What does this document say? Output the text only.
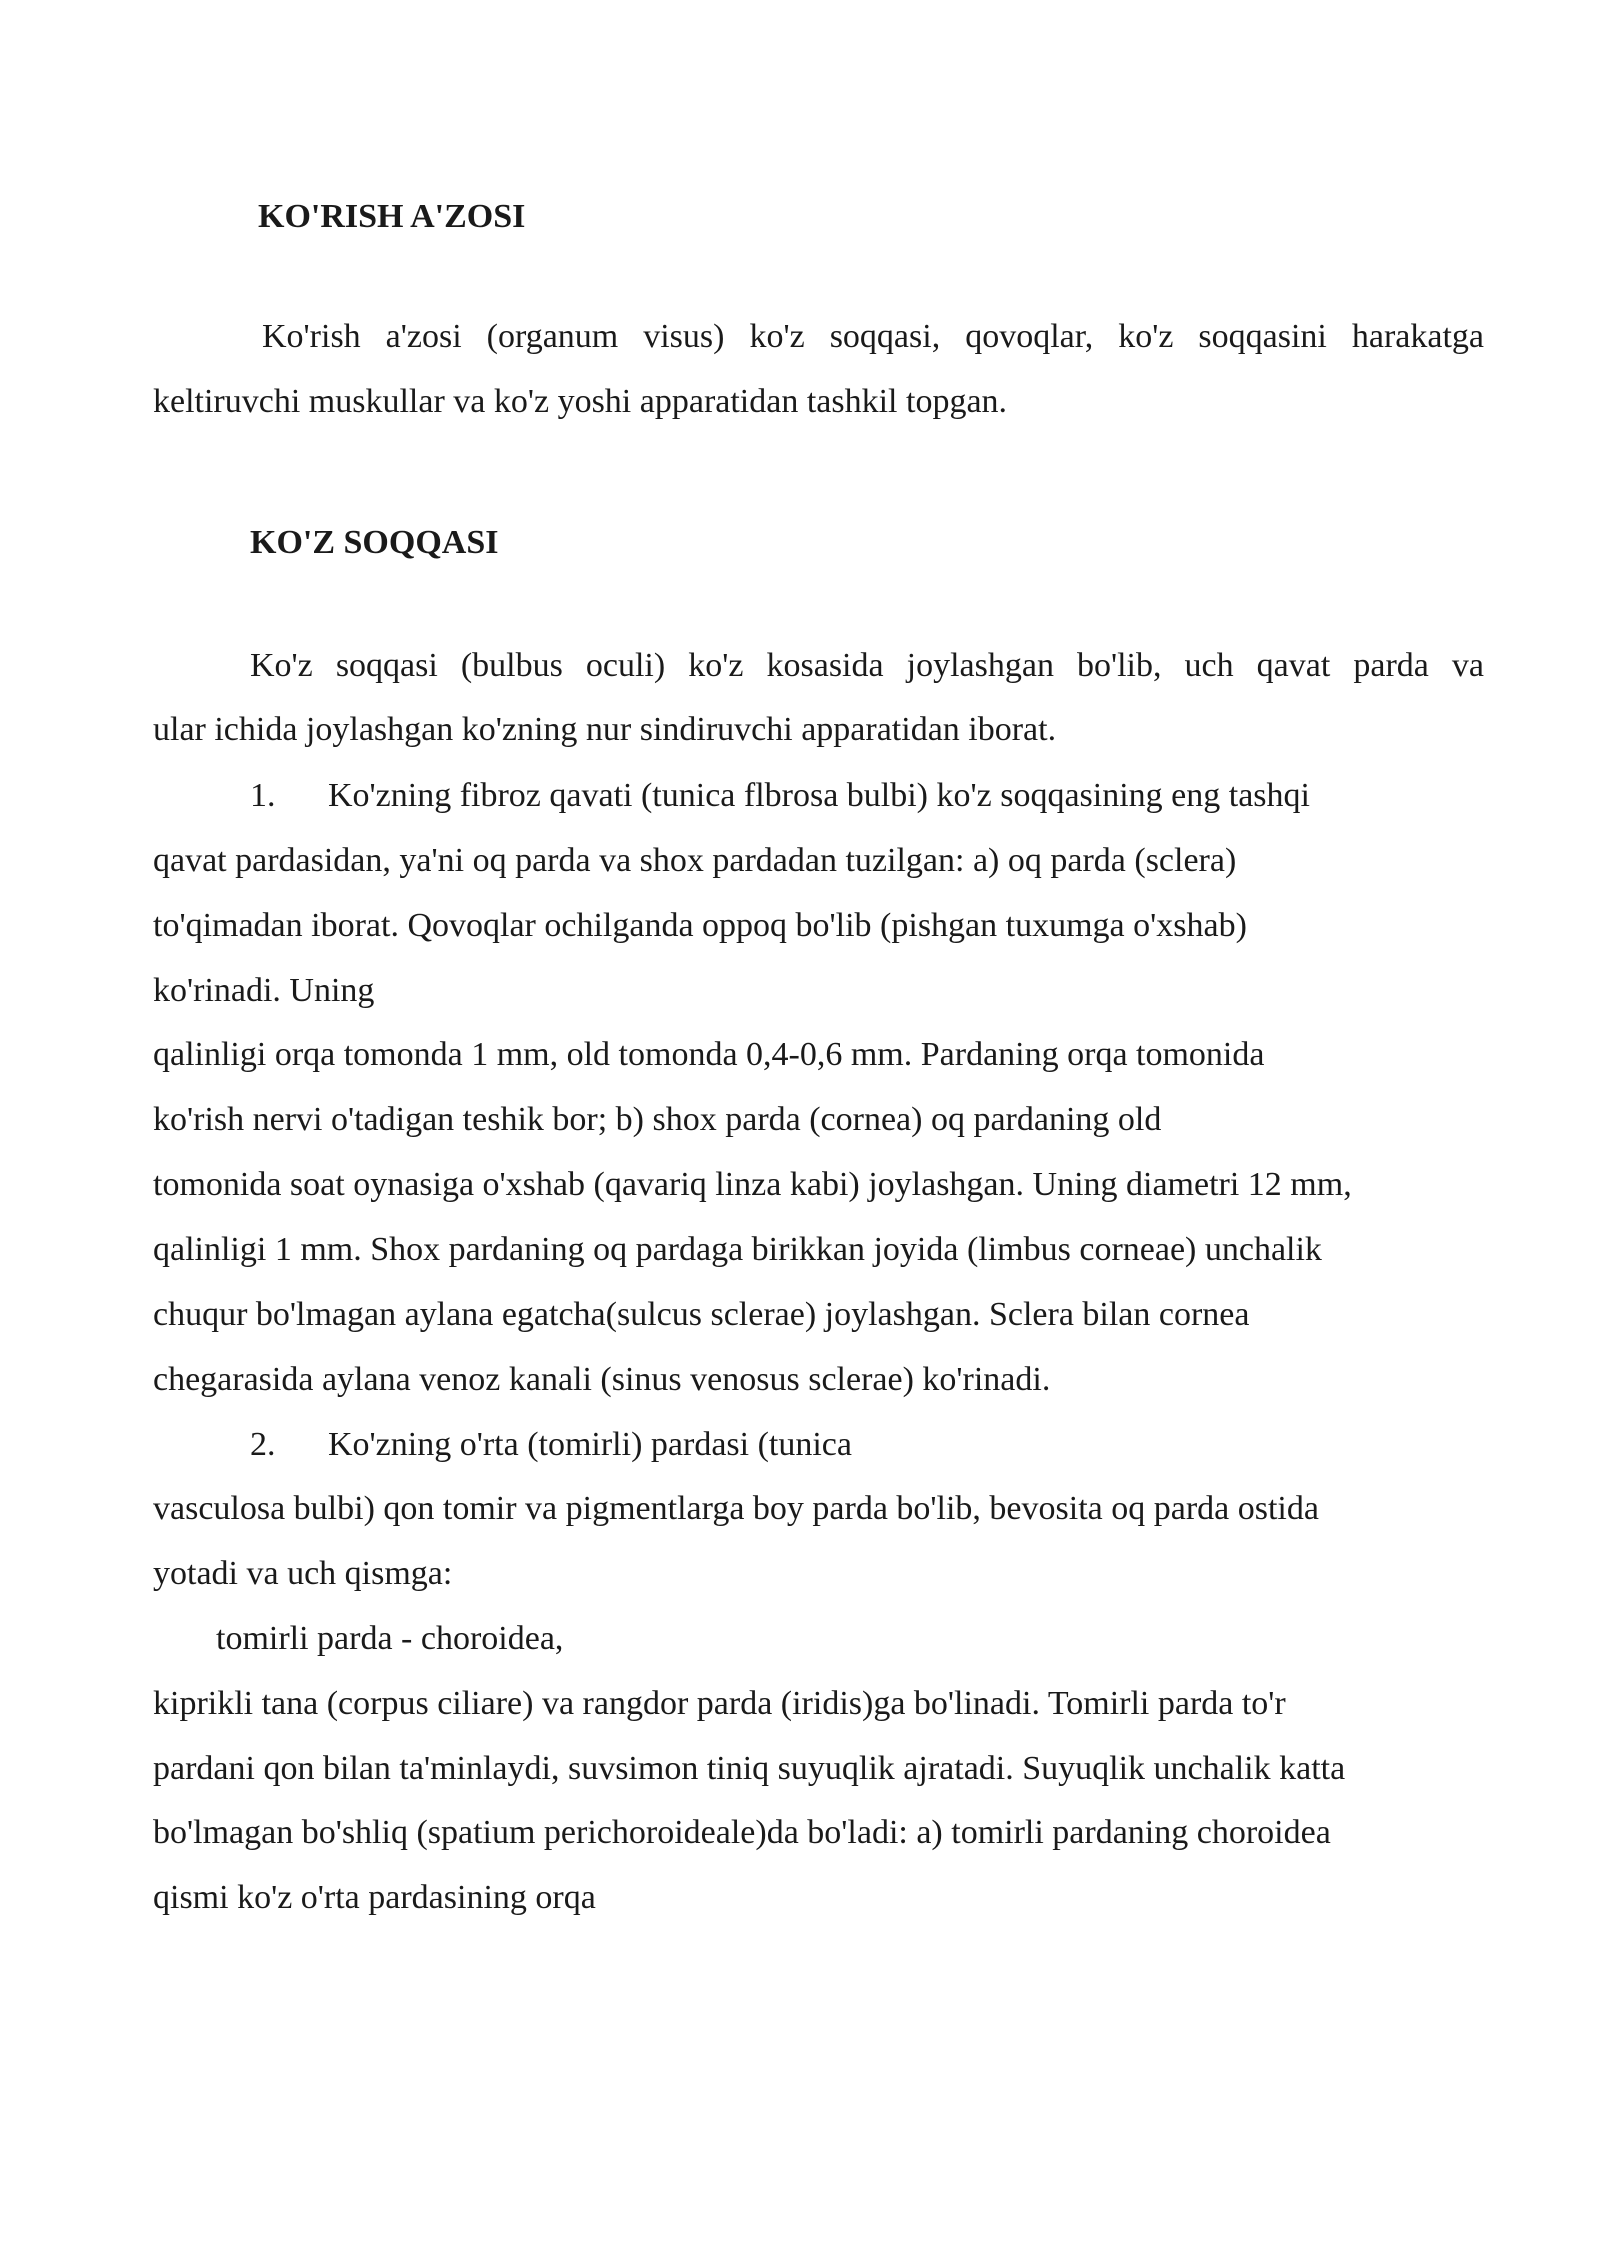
KO'RISH A'ZOSI
Ko'rish a'zosi (organum visus) ko'z soqqasi, qovoqlar, ko'z soqqasini harakatga
keltiruvchi muskullar va ko'z yoshi apparatidan tashkil topgan.
KO'Z SOQQASI
Ko'z soqqasi (bulbus oculi) ko'z kosasida joylashgan bo'lib, uch qavat parda va
ular ichida joylashgan ko'zning nur sindiruvchi apparatidan iborat.
1. Ko'zning fibroz qavati (tunica flbrosa bulbi) ko'z soqqasining eng tashqi
qavat pardasidan, ya'ni oq parda va shox pardadan tuzilgan: a) oq parda (sclera)
to'qimadan iborat. Qovoqlar ochilganda oppoq bo'lib (pishgan tuxumga o'xshab)
ko'rinadi. Uning
qalinligi orqa tomonda 1 mm, old tomonda 0,4-0,6 mm. Pardaning orqa tomonida
ko'rish nervi o'tadigan teshik bor; b) shox parda (cornea) oq pardaning old
tomonida soat oynasiga o'xshab (qavariq linza kabi) joylashgan. Uning diametri 12 mm,
qalinligi 1 mm. Shox pardaning oq pardaga birikkan joyida (limbus corneae) unchalik
chuqur bo'lmagan aylana egatcha(sulcus sclerae) joylashgan. Sclera bilan cornea
chegarasida aylana venoz kanali (sinus venosus sclerae) ko'rinadi.
2. Ko'zning o'rta (tomirli) pardasi (tunica
vasculosa bulbi) qon tomir va pigmentlarga boy parda bo'lib, bevosita oq parda ostida
yotadi va uch qismga:
tomirli parda - choroidea,
kiprikli tana (corpus ciliare) va rangdor parda (iridis)ga bo'linadi. Tomirli parda to'r
pardani qon bilan ta'minlaydi, suvsimon tiniq suyuqlik ajratadi. Suyuqlik unchalik katta
bo'lmagan bo'shliq (spatium perichoroideale)da bo'ladi: a) tomirli pardaning choroidea
qismi ko'z o'rta pardasining orqa
